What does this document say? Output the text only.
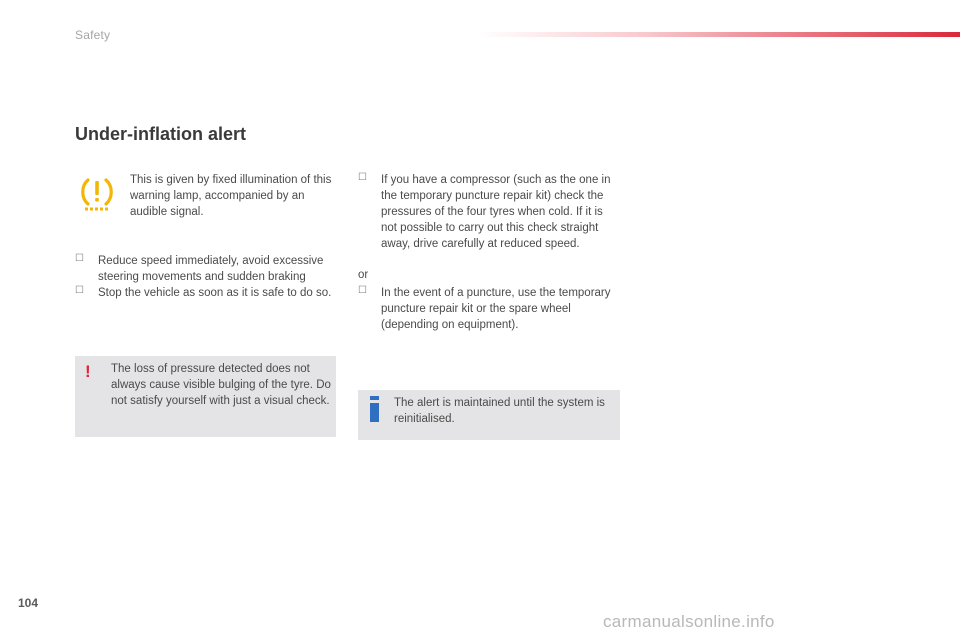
Safety
Under-inflation alert

This is given by fixed illumination of this warning lamp, accompanied by an audible signal.

☐ Reduce speed immediately, avoid excessive steering movements and sudden braking
☐ Stop the vehicle as soon as it is safe to do so.
!	The loss of pressure detected does not always cause visible bulging of the tyre. Do not satisfy yourself with just a visual check.

☐ If you have a compressor (such as the one in the temporary puncture repair kit) check the pressures of the four tyres when cold. If it is not possible to carry out this check straight away, drive carefully at reduced speed.

or

☐ In the event of a puncture, use the temporary puncture repair kit or the spare wheel (depending on equipment).

The alert is maintained until the system is reinitialised.

104
carmanualsonline.info
